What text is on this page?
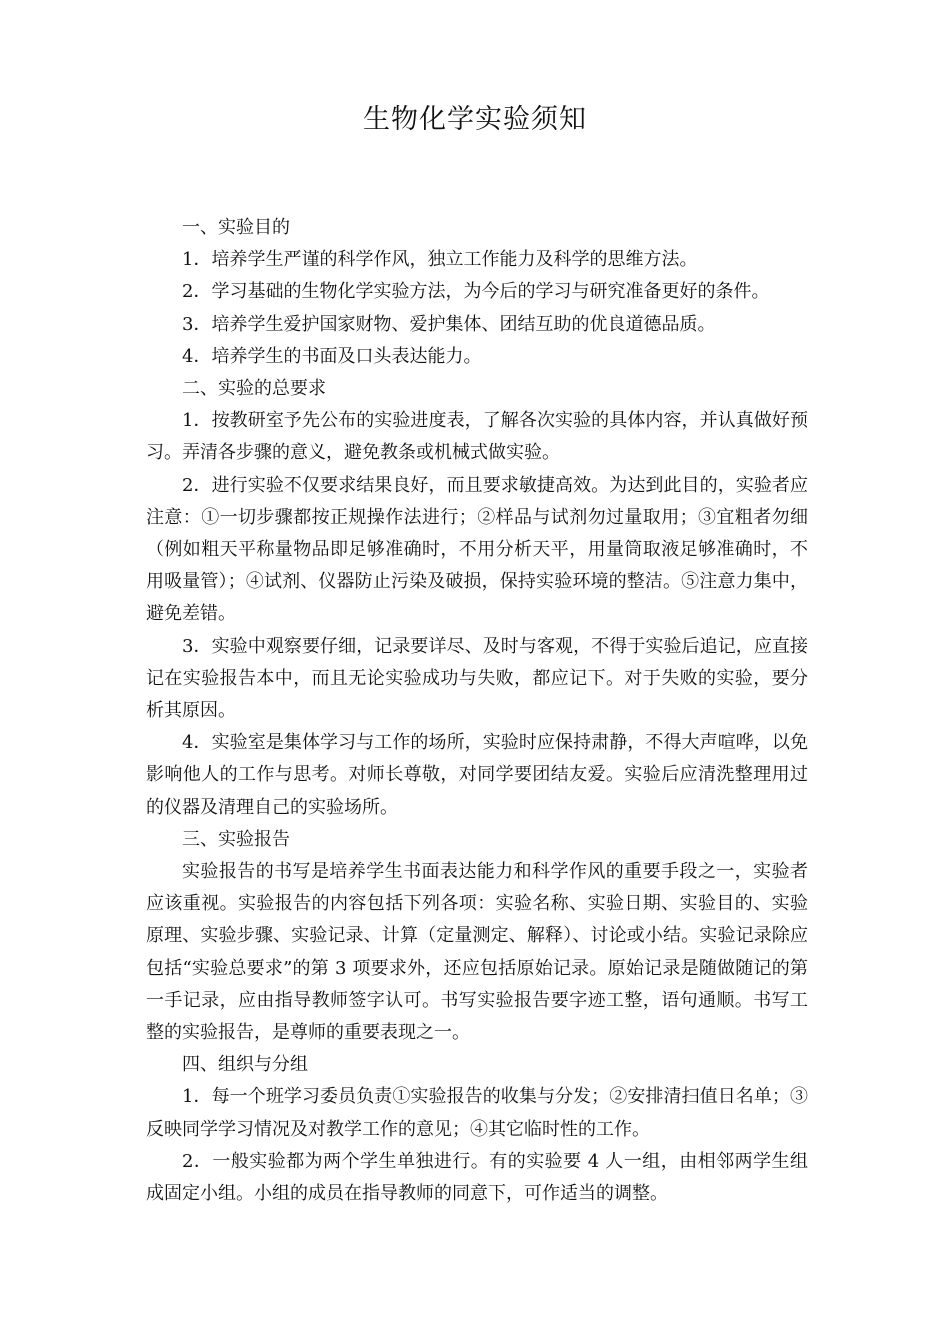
生物化学实验须知

一、实验目的

1．培养学生严谨的科学作风，独立工作能力及科学的思维方法。

2．学习基础的生物化学实验方法，为今后的学习与研究准备更好的条件。

3．培养学生爱护国家财物、爱护集体、团结互助的优良道德品质。

4．培养学生的书面及口头表达能力。

二、实验的总要求

1．按教研室予先公布的实验进度表，了解各次实验的具体内容，并认真做好预习。弄清各步骤的意义，避免教条或机械式做实验。

2．进行实验不仅要求结果良好，而且要求敏捷高效。为达到此目的，实验者应注意：①一切步骤都按正规操作法进行；②样品与试剂勿过量取用；③宜粗者勿细（例如粗天平称量物品即足够准确时，不用分析天平，用量筒取液足够准确时，不用吸量管）；④试剂、仪器防止污染及破损，保持实验环境的整洁。⑤注意力集中，避免差错。

3．实验中观察要仔细，记录要详尽、及时与客观，不得于实验后追记，应直接记在实验报告本中，而且无论实验成功与失败，都应记下。对于失败的实验，要分析其原因。

4．实验室是集体学习与工作的场所，实验时应保持肃静，不得大声喧哗，以免影响他人的工作与思考。对师长尊敬，对同学要团结友爱。实验后应清洗整理用过的仪器及清理自己的实验场所。

三、实验报告

实验报告的书写是培养学生书面表达能力和科学作风的重要手段之一，实验者应该重视。实验报告的内容包括下列各项：实验名称、实验日期、实验目的、实验原理、实验步骤、实验记录、计算（定量测定、解释）、讨论或小结。实验记录除应包括“实验总要求”的第 3 项要求外，还应包括原始记录。原始记录是随做随记的第一手记录，应由指导教师签字认可。书写实验报告要字迹工整，语句通顺。书写工整的实验报告，是尊师的重要表现之一。

四、组织与分组

1．每一个班学习委员负责①实验报告的收集与分发；②安排清扫值日名单；③反映同学学习情况及对教学工作的意见；④其它临时性的工作。

2．一般实验都为两个学生单独进行。有的实验要 4 人一组，由相邻两学生组成固定小组。小组的成员在指导教师的同意下，可作适当的调整。
